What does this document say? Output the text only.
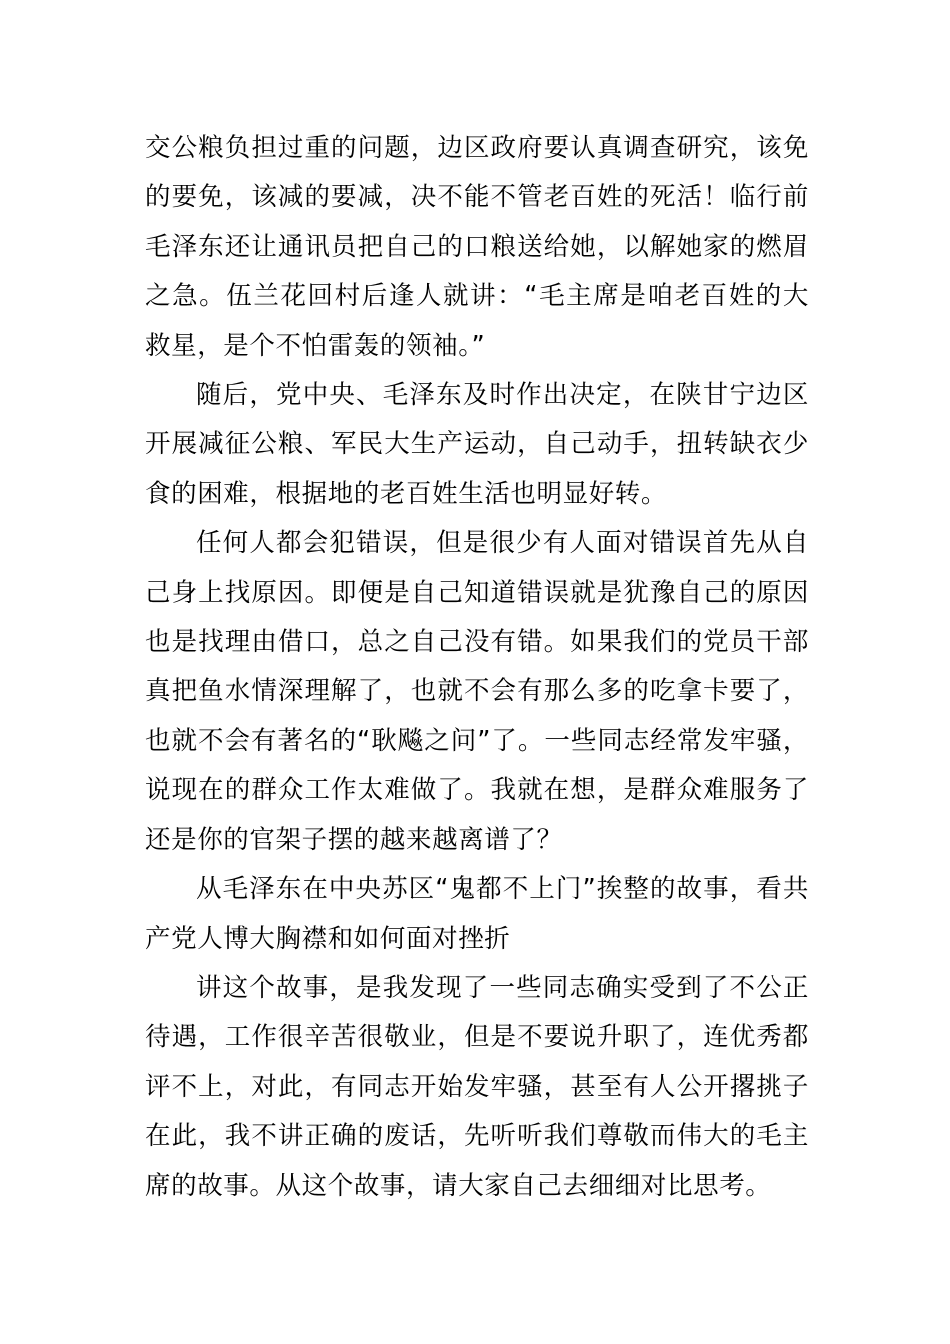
交公粮负担过重的问题，边区政府要认真调查研究，该免的要免，该减的要减，决不能不管老百姓的死活！临行前毛泽东还让通讯员把自己的口粮送给她，以解她家的燃眉之急。伍兰花回村后逢人就讲：“毛主席是咱老百姓的大救星，是个不怕雷轰的领袖。”

随后，党中央、毛泽东及时作出决定，在陕甘宁边区开展减征公粮、军民大生产运动，自己动手，扭转缺衣少食的困难，根据地的老百姓生活也明显好转。

任何人都会犯错误，但是很少有人面对错误首先从自己身上找原因。即便是自己知道错误就是犹豫自己的原因也是找理由借口，总之自己没有错。如果我们的党员干部真把鱼水情深理解了，也就不会有那么多的吃拿卡要了，也就不会有著名的“耿飚之问”了。一些同志经常发牢骚，说现在的群众工作太难做了。我就在想，是群众难服务了还是你的官架子摆的越来越离谱了？

从毛泽东在中央苏区“鬼都不上门”挨整的故事，看共产党人博大胸襟和如何面对挫折

讲这个故事，是我发现了一些同志确实受到了不公正待遇，工作很辛苦很敬业，但是不要说升职了，连优秀都评不上，对此，有同志开始发牢骚，甚至有人公开撂挑子在此，我不讲正确的废话，先听听我们尊敬而伟大的毛主席的故事。从这个故事，请大家自己去细细对比思考。
